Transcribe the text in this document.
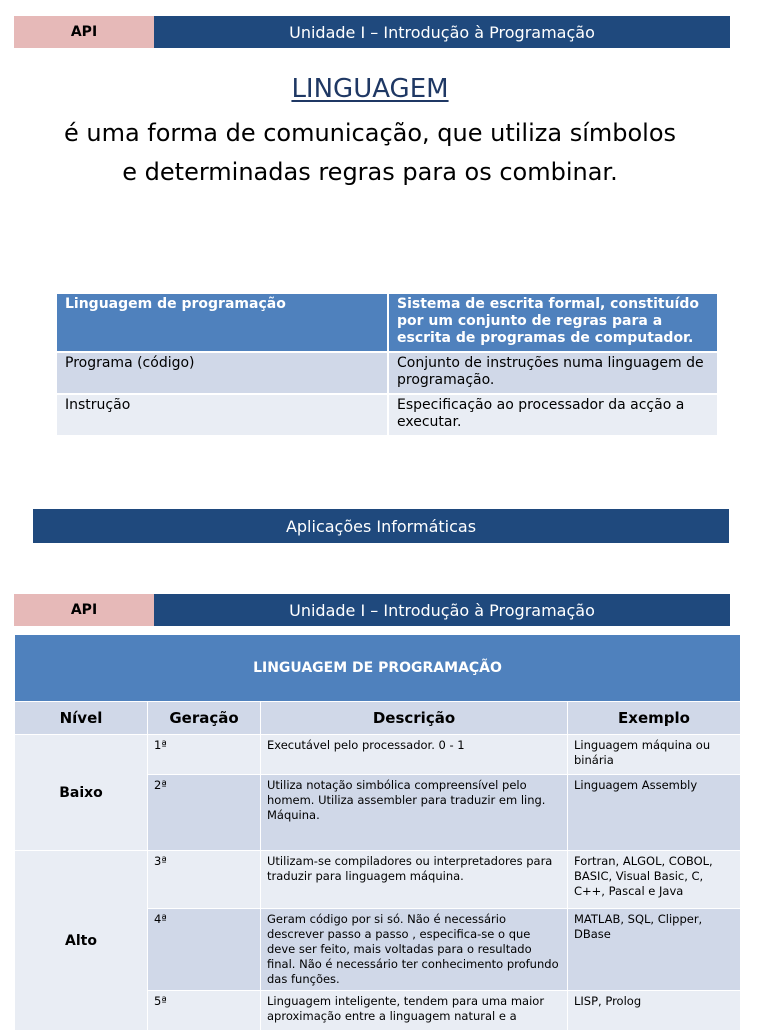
API	Unidade I – Introdução à Programação
LINGUAGEM
é uma forma de comunicação, que utiliza símbolos e determinadas regras para os combinar.
Linguagem de programação	Sistema de escrita formal, constituído por um conjunto de regras para a escrita de programas de computador.
Programa (código)	Conjunto de instruções numa linguagem de programação.
Instrução	Especificação ao processador da acção a executar.
Aplicações Informáticas
API	Unidade I – Introdução à Programação
LINGUAGEM DE PROGRAMAÇÃO			
Nível	Geração	Descrição	Exemplo
Baixo	1ª	Executável pelo processador. 0 - 1	Linguagem máquina ou binária
	2ª	Utiliza notação simbólica compreensível pelo homem. Utiliza assembler para traduzir em ling. Máquina.	Linguagem Assembly
Alto	3ª	Utilizam-se compiladores ou interpretadores para traduzir para linguagem máquina.	Fortran, ALGOL, COBOL, BASIC, Visual Basic, C, C++, Pascal e Java
	4ª	Geram código por si só. Não é necessário descrever passo a passo , especifica-se o que deve ser feito, mais voltadas para o resultado final. Não é necessário ter conhecimento profundo das funções.	MATLAB, SQL, Clipper, DBase
	5ª	Linguagem inteligente, tendem para uma maior aproximação entre a linguagem natural e a	LISP, Prolog
